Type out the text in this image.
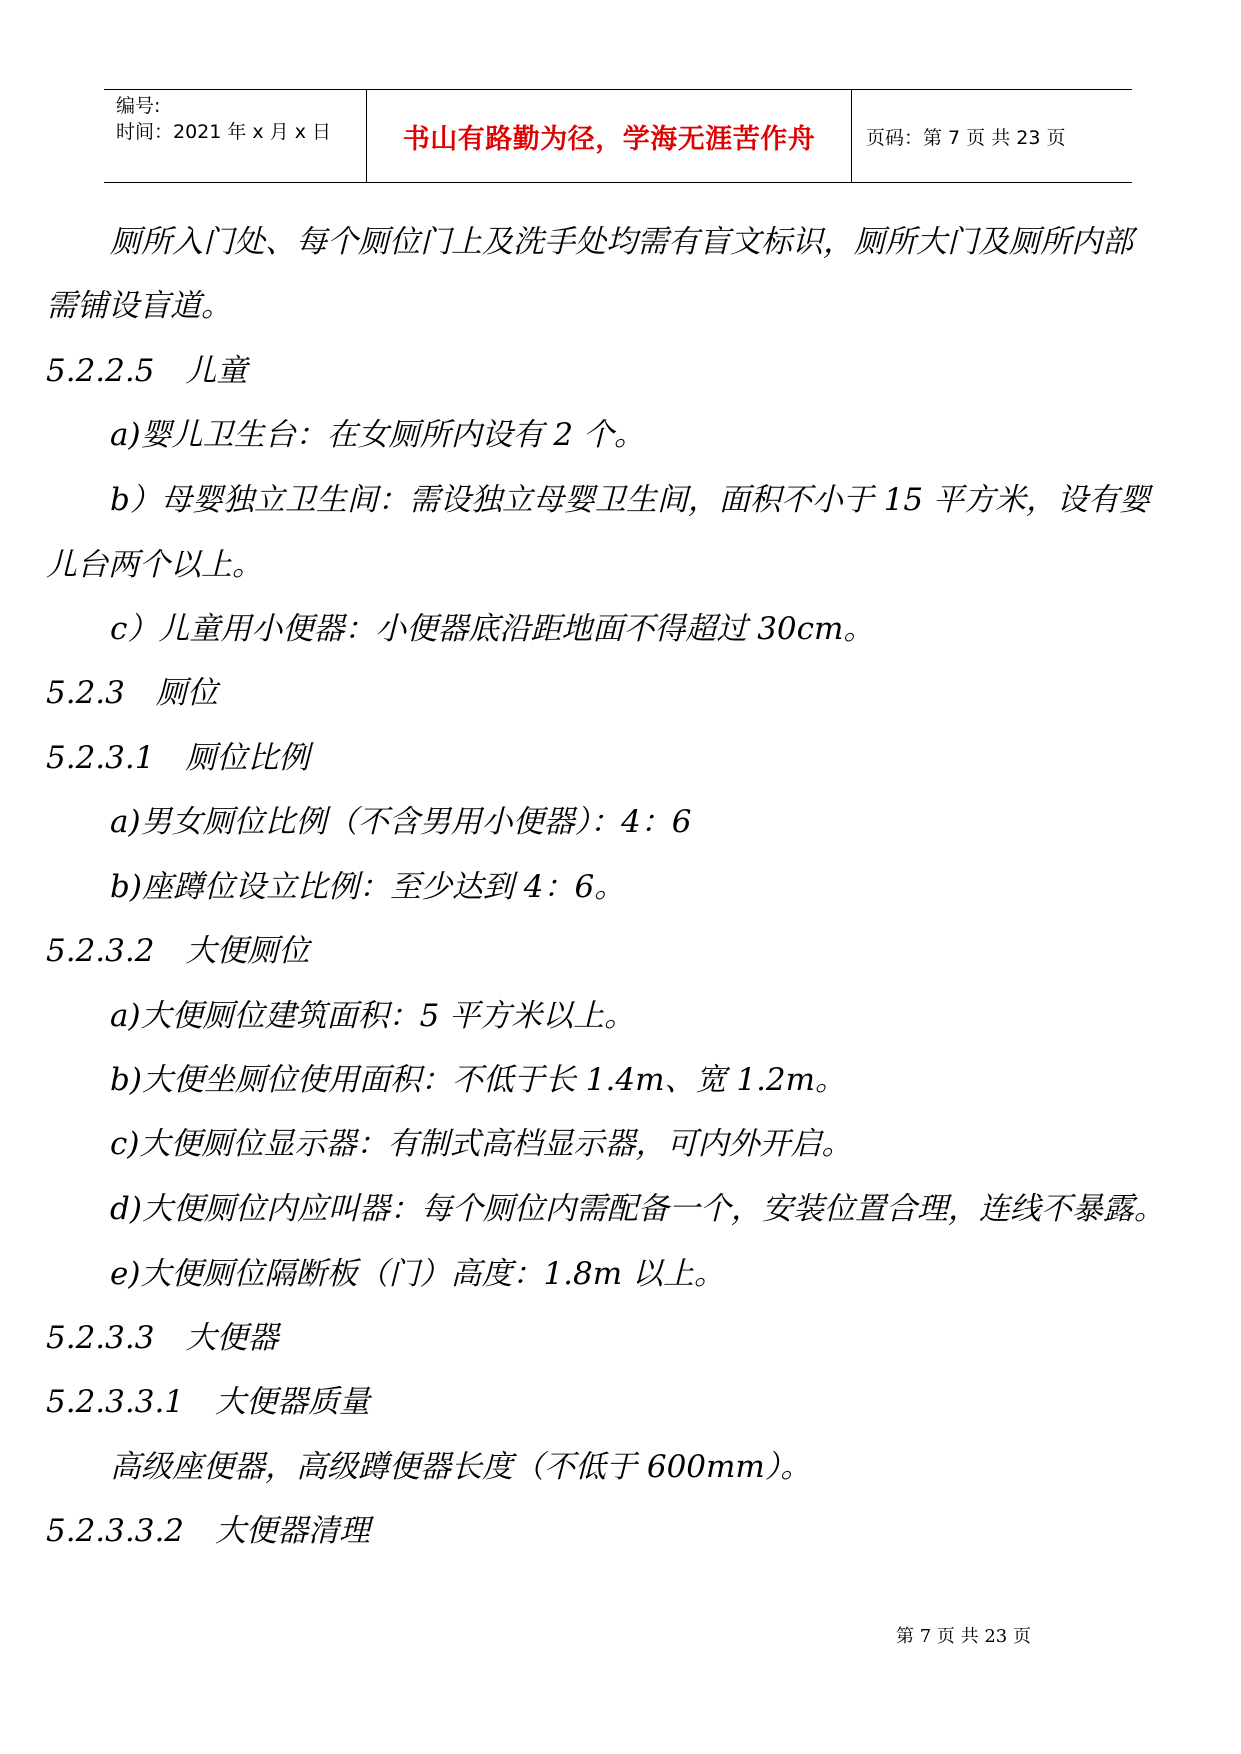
编号:
时间：2021 年 x 月 x 日	书山有路勤为径，学海无涯苦作舟	页码：第 7 页 共 23 页
厕所入门处、每个厕位门上及洗手处均需有盲文标识，厕所大门及厕所内部
需铺设盲道。
5.2.2.5　儿童
a)婴儿卫生台：在女厕所内设有 2 个。
b）母婴独立卫生间：需设独立母婴卫生间，面积不小于 15 平方米，设有婴
儿台两个以上。
c）儿童用小便器：小便器底沿距地面不得超过 30cm。
5.2.3　厕位
5.2.3.1　厕位比例
a)男女厕位比例（不含男用小便器）：4：6
b)座蹲位设立比例：至少达到 4：6。
5.2.3.2　大便厕位
a)大便厕位建筑面积：5 平方米以上。
b)大便坐厕位使用面积：不低于长 1.4m、宽 1.2m。
c)大便厕位显示器：有制式高档显示器，可内外开启。
d)大便厕位内应叫器：每个厕位内需配备一个，安装位置合理，连线不暴露。
e)大便厕位隔断板（门）高度：1.8m 以上。
5.2.3.3　大便器
5.2.3.3.1　大便器质量
高级座便器，高级蹲便器长度（不低于 600mm）。
5.2.3.3.2　大便器清理
第 7 页 共 23 页
